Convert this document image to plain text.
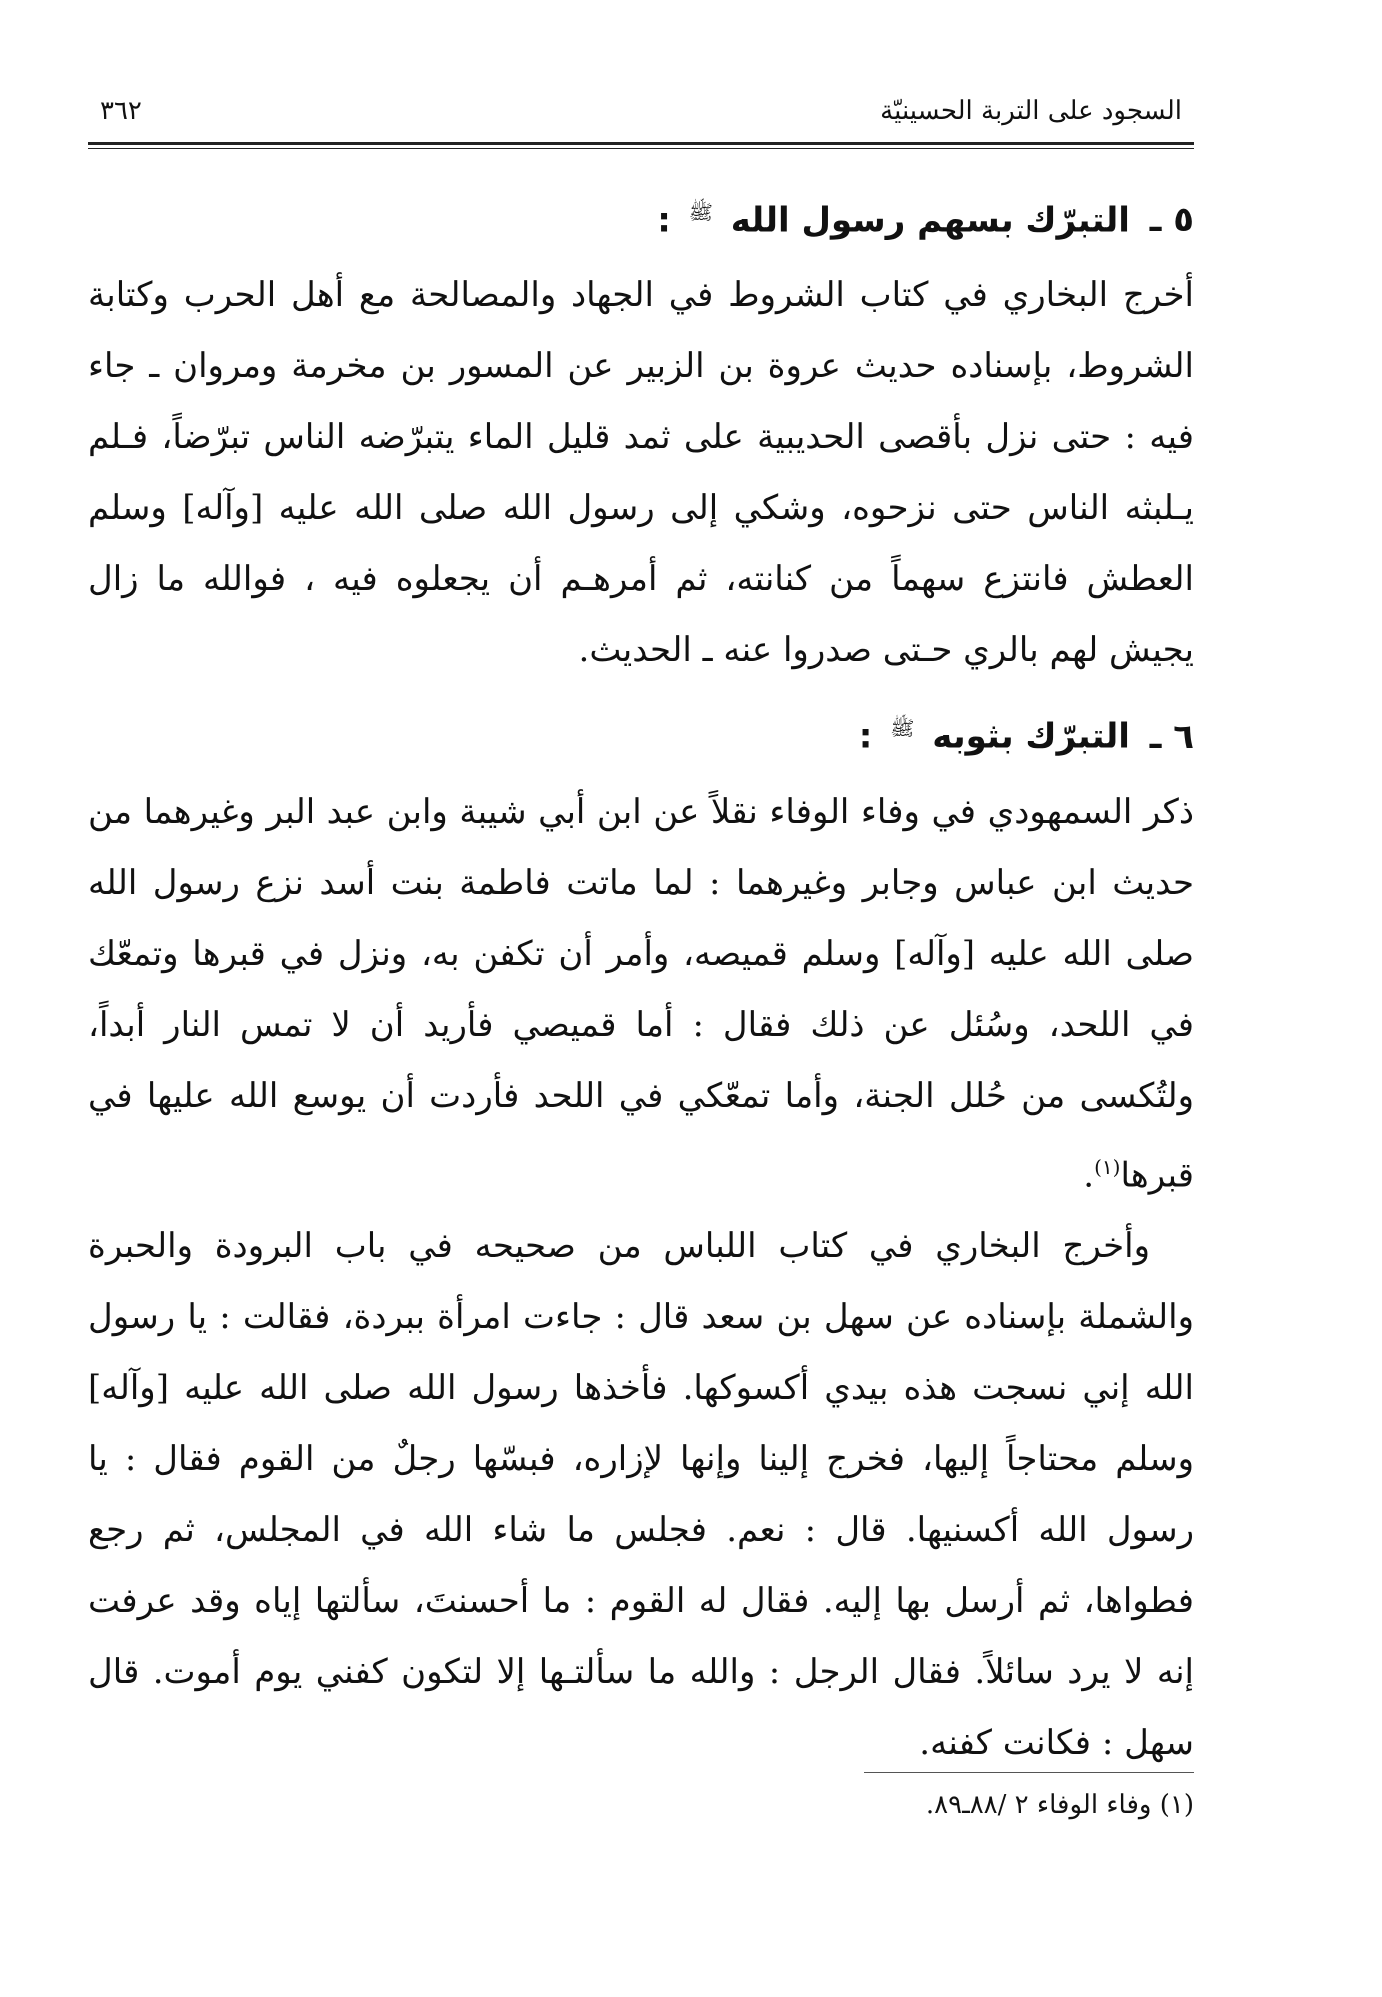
السجود على التربة الحسينيّة
٣٦٢
٥ ـ التبرّك بسهم رسول الله $^ﷺ$ :

أخرج البخاري في كتاب الشروط في الجهاد والمصالحة مع أهل الحرب وكتابة الشروط، بإسناده حديث عروة بن الزبير عن المسور بن مخرمة ومروان ـ جاء فيه : حتى نزل بأقصى الحديبية على ثمد قليل الماء يتبرّضه الناس تبرّضاً، فـلم يـلبثه الناس حتى نزحوه، وشكي إلى رسول الله صلى الله عليه [وآله] وسلم العطش فانتزع سهماً من كنانته، ثم أمرهـم أن يجعلوه فيه ، فوالله ما زال يجيش لهم بالري حـتى صدروا عنه ـ الحديث.

٦ ـ التبرّك بثوبه $^ﷺ$ :

ذكر السمهودي في وفاء الوفاء نقلاً عن ابن أبي شيبة وابن عبد البر وغيرهما من حديث ابن عباس وجابر وغيرهما : لما ماتت فاطمة بنت أسد نزع رسول الله صلى الله عليه [وآله] وسلم قميصه، وأمر أن تكفن به، ونزل في قبرها وتمعّك في اللحد، وسُئل عن ذلك فقال : أما قميصي فأريد أن لا تمس النار أبداً، ولتُكسى من حُلل الجنة، وأما تمعّكي في اللحد فأردت أن يوسع الله عليها في قبرها$^{(١)}$.

وأخرج البخاري في كتاب اللباس من صحيحه في باب البرودة والحبرة والشملة بإسناده عن سهل بن سعد قال : جاءت امرأة ببردة، فقالت : يا رسول الله إني نسجت هذه بيدي أكسوكها. فأخذها رسول الله صلى الله عليه [وآله] وسلم محتاجاً إليها، فخرج إلينا وإنها لإزاره، فبسّها رجلٌ من القوم فقال : يا رسول الله أكسنيها. قال : نعم. فجلس ما شاء الله في المجلس، ثم رجع فطواها، ثم أرسل بها إليه. فقال له القوم : ما أحسنتَ، سألتها إياه وقد عرفت إنه لا يرد سائلاً. فقال الرجل : والله ما سألتـها إلا لتكون كفني يوم أموت. قال سهل : فكانت كفنه.

(١) وفاء الوفاء ٢ /٨٨ـ٨٩.
